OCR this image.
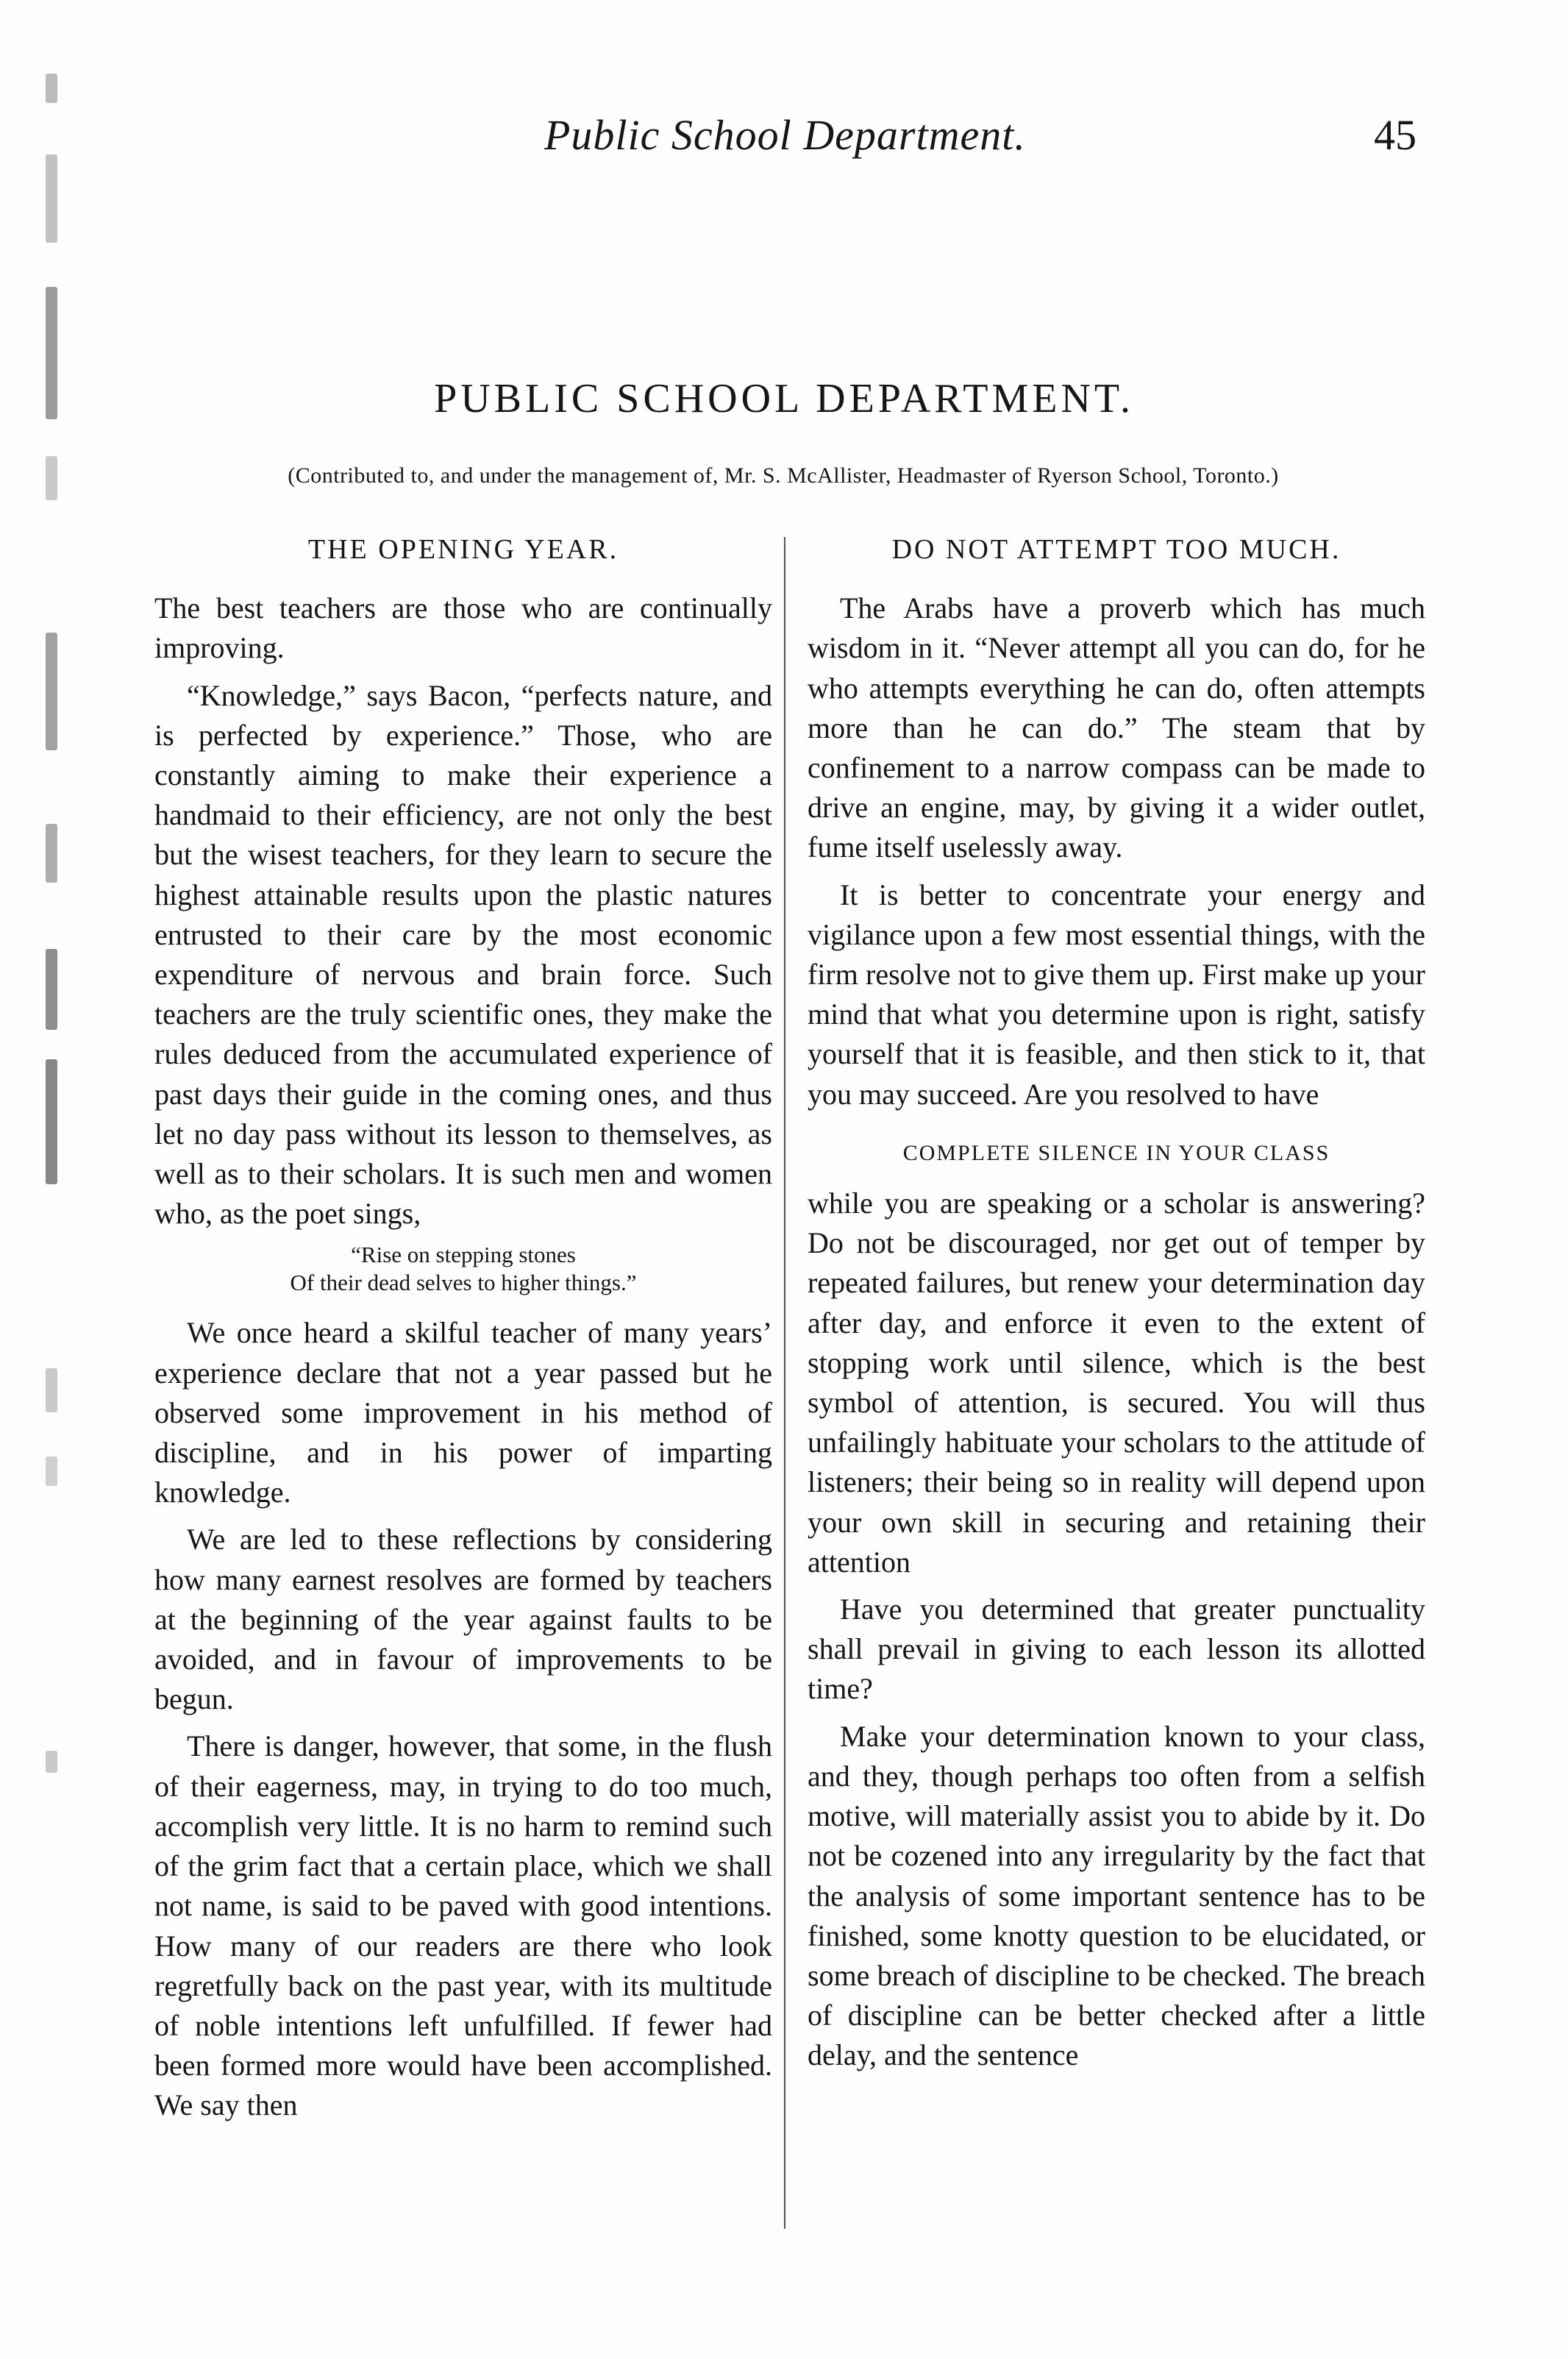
Public School Department.	45
PUBLIC SCHOOL DEPARTMENT.
(Contributed to, and under the management of, Mr. S. McAllister, Headmaster of Ryerson School, Toronto.)
THE OPENING YEAR.

The best teachers are those who are continually improving.

“Knowledge,” says Bacon, “perfects nature, and is perfected by experience.” Those, who are constantly aiming to make their experience a handmaid to their efficiency, are not only the best but the wisest teachers, for they learn to secure the highest attainable results upon the plastic natures entrusted to their care by the most economic expenditure of nervous and brain force. Such teachers are the truly scientific ones, they make the rules deduced from the accumulated experience of past days their guide in the coming ones, and thus let no day pass without its lesson to themselves, as well as to their scholars. It is such men and women who, as the poet sings,

“Rise on stepping stones
Of their dead selves to higher things.”

We once heard a skilful teacher of many years’ experience declare that not a year passed but he observed some improvement in his method of discipline, and in his power of imparting knowledge.

We are led to these reflections by considering how many earnest resolves are formed by teachers at the beginning of the year against faults to be avoided, and in favour of improvements to be begun.

There is danger, however, that some, in the flush of their eagerness, may, in trying to do too much, accomplish very little. It is no harm to remind such of the grim fact that a certain place, which we shall not name, is said to be paved with good intentions. How many of our readers are there who look regretfully back on the past year, with its multitude of noble intentions left unfulfilled. If fewer had been formed more would have been accomplished. We say then

DO NOT ATTEMPT TOO MUCH.

The Arabs have a proverb which has much wisdom in it. “Never attempt all you can do, for he who attempts everything he can do, often attempts more than he can do.” The steam that by confinement to a narrow compass can be made to drive an engine, may, by giving it a wider outlet, fume itself uselessly away.

It is better to concentrate your energy and vigilance upon a few most essential things, with the firm resolve not to give them up. First make up your mind that what you determine upon is right, satisfy yourself that it is feasible, and then stick to it, that you may succeed. Are you resolved to have

COMPLETE SILENCE IN YOUR CLASS

while you are speaking or a scholar is answering? Do not be discouraged, nor get out of temper by repeated failures, but renew your determination day after day, and enforce it even to the extent of stopping work until silence, which is the best symbol of attention, is secured. You will thus unfailingly habituate your scholars to the attitude of listeners; their being so in reality will depend upon your own skill in securing and retaining their attention

Have you determined that greater punctuality shall prevail in giving to each lesson its allotted time?

Make your determination known to your class, and they, though perhaps too often from a selfish motive, will materially assist you to abide by it. Do not be cozened into any irregularity by the fact that the analysis of some important sentence has to be finished, some knotty question to be elucidated, or some breach of discipline to be checked. The breach of discipline can be better checked after a little delay, and the sentence
